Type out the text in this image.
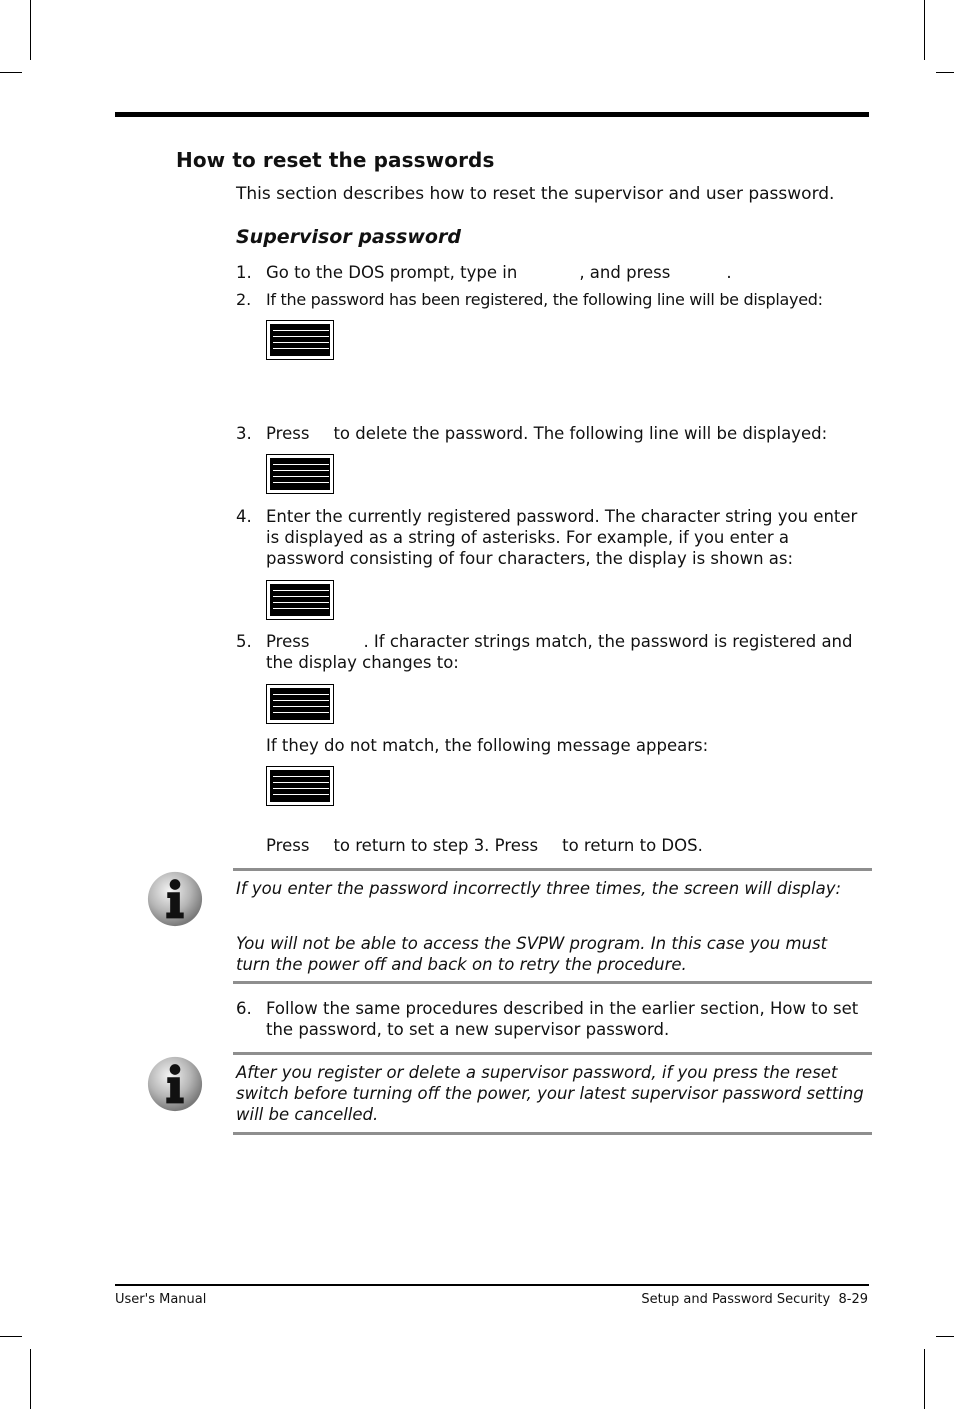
How to reset the passwords
This section describes how to reset the supervisor and user password.
Supervisor password
1. Go to the DOS prompt, type in	, and press	.
2. If the password has been registered, the following line will be displayed:
3. Press to delete the password. The following line will be displayed:
4. Enter the currently registered password. The character string you enter is displayed as a string of asterisks. For example, if you enter a password consisting of four characters, the display is shown as:
5. Press	. If character strings match, the password is registered and the display changes to:
If they do not match, the following message appears:
Press to return to step 3. Press to return to DOS.
If you enter the password incorrectly three times, the screen will display:
You will not be able to access the SVPW program. In this case you must turn the power off and back on to retry the procedure.
6. Follow the same procedures described in the earlier section, How to set the password, to set a new supervisor password.
After you register or delete a supervisor password, if you press the reset switch before turning off the power, your latest supervisor password setting will be cancelled.
User's Manual	Setup and Password Security  8-29
